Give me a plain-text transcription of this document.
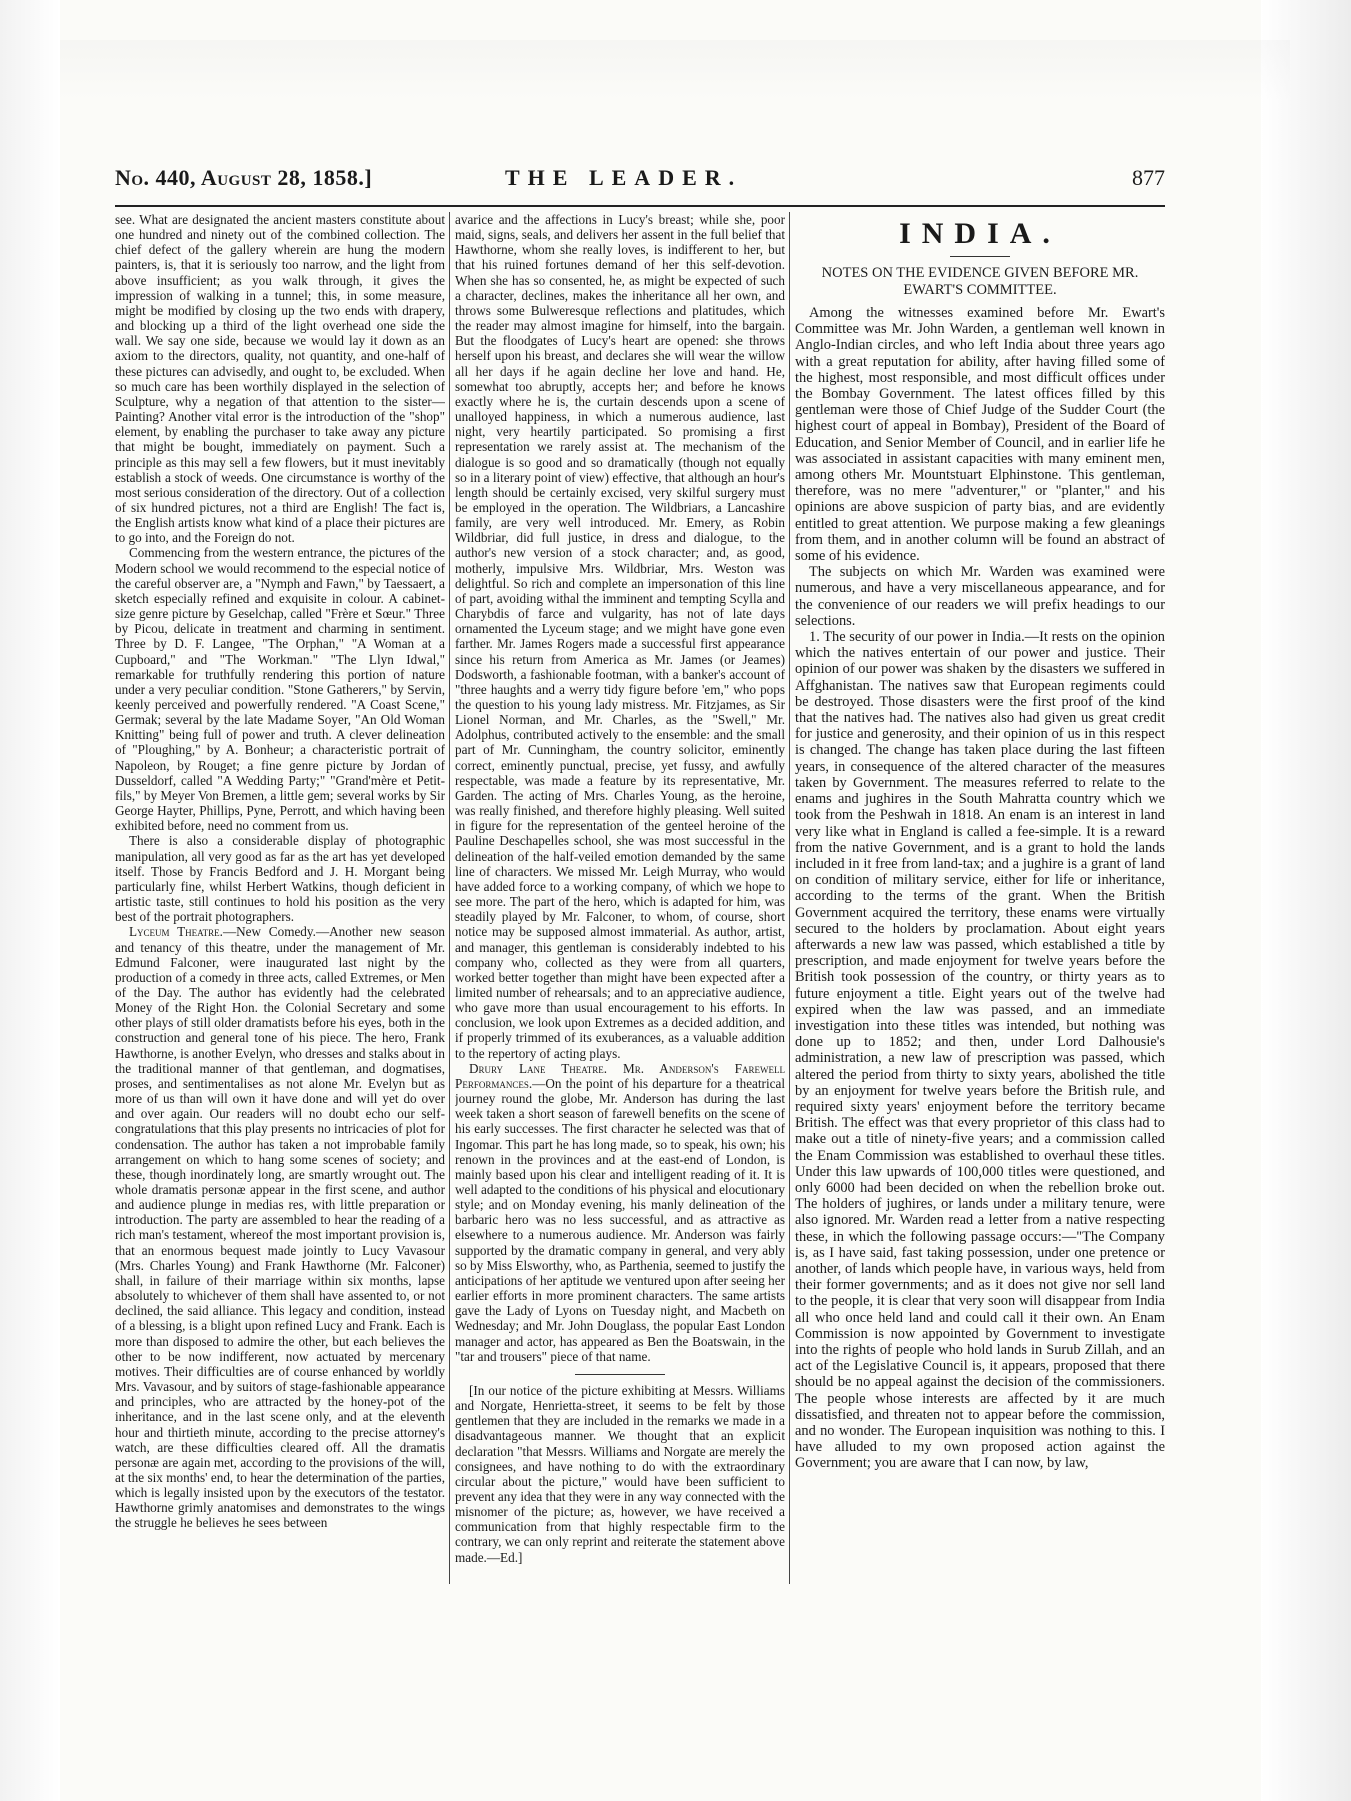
No. 440, August 28, 1858.]	THE LEADER.	877

see. What are designated the ancient masters constitute about one hundred and ninety out of the combined collection. The chief defect of the gallery wherein are hung the modern painters, is, that it is seriously too narrow, and the light from above insufficient; as you walk through, it gives the impression of walking in a tunnel; this, in some measure, might be modified by closing up the two ends with drapery, and blocking up a third of the light overhead one side the wall. We say one side, because we would lay it down as an axiom to the directors, quality, not quantity, and one-half of these pictures can advisedly, and ought to, be excluded. When so much care has been worthily displayed in the selection of Sculpture, why a negation of that attention to the sister—Painting? Another vital error is the introduction of the "shop" element, by enabling the purchaser to take away any picture that might be bought, immediately on payment. Such a principle as this may sell a few flowers, but it must inevitably establish a stock of weeds. One circumstance is worthy of the most serious consideration of the directory. Out of a collection of six hundred pictures, not a third are English! The fact is, the English artists know what kind of a place their pictures are to go into, and the Foreign do not.

Commencing from the western entrance, the pictures of the Modern school we would recommend to the especial notice of the careful observer are, a "Nymph and Fawn," by Taessaert, a sketch especially refined and exquisite in colour. A cabinet-size genre picture by Geselchap, called "Frère et Sœur." Three by Picou, delicate in treatment and charming in sentiment. Three by D. F. Langee, "The Orphan," "A Woman at a Cupboard," and "The Workman." "The Llyn Idwal," remarkable for truthfully rendering this portion of nature under a very peculiar condition. "Stone Gatherers," by Servin, keenly perceived and powerfully rendered. "A Coast Scene," Germak; several by the late Madame Soyer, "An Old Woman Knitting" being full of power and truth. A clever delineation of "Ploughing," by A. Bonheur; a characteristic portrait of Napoleon, by Rouget; a fine genre picture by Jordan of Dusseldorf, called "A Wedding Party;" "Grand'mère et Petit-fils," by Meyer Von Bremen, a little gem; several works by Sir George Hayter, Phillips, Pyne, Perrott, and which having been exhibited before, need no comment from us.

There is also a considerable display of photographic manipulation, all very good as far as the art has yet developed itself. Those by Francis Bedford and J. H. Morgant being particularly fine, whilst Herbert Watkins, though deficient in artistic taste, still continues to hold his position as the very best of the portrait photographers.

Lyceum Theatre.—New Comedy.—Another new season and tenancy of this theatre, under the management of Mr. Edmund Falconer, were inaugurated last night by the production of a comedy in three acts, called Extremes, or Men of the Day. The author has evidently had the celebrated Money of the Right Hon. the Colonial Secretary and some other plays of still older dramatists before his eyes, both in the construction and general tone of his piece. The hero, Frank Hawthorne, is another Evelyn, who dresses and stalks about in the traditional manner of that gentleman, and dogmatises, proses, and sentimentalises as not alone Mr. Evelyn but as more of us than will own it have done and will yet do over and over again. Our readers will no doubt echo our self-congratulations that this play presents no intricacies of plot for condensation. The author has taken a not improbable family arrangement on which to hang some scenes of society; and these, though inordinately long, are smartly wrought out. The whole dramatis personæ appear in the first scene, and author and audience plunge in medias res, with little preparation or introduction. The party are assembled to hear the reading of a rich man's testament, whereof the most important provision is, that an enormous bequest made jointly to Lucy Vavasour (Mrs. Charles Young) and Frank Hawthorne (Mr. Falconer) shall, in failure of their marriage within six months, lapse absolutely to whichever of them shall have assented to, or not declined, the said alliance. This legacy and condition, instead of a blessing, is a blight upon refined Lucy and Frank. Each is more than disposed to admire the other, but each believes the other to be now indifferent, now actuated by mercenary motives. Their difficulties are of course enhanced by worldly Mrs. Vavasour, and by suitors of stage-fashionable appearance and principles, who are attracted by the honey-pot of the inheritance, and in the last scene only, and at the eleventh hour and thirtieth minute, according to the precise attorney's watch, are these difficulties cleared off. All the dramatis personæ are again met, according to the provisions of the will, at the six months' end, to hear the determination of the parties, which is legally insisted upon by the executors of the testator. Hawthorne grimly anatomises and demonstrates to the wings the struggle he believes he sees between

avarice and the affections in Lucy's breast; while she, poor maid, signs, seals, and delivers her assent in the full belief that Hawthorne, whom she really loves, is indifferent to her, but that his ruined fortunes demand of her this self-devotion. When she has so consented, he, as might be expected of such a character, declines, makes the inheritance all her own, and throws some Bulweresque reflections and platitudes, which the reader may almost imagine for himself, into the bargain. But the floodgates of Lucy's heart are opened: she throws herself upon his breast, and declares she will wear the willow all her days if he again decline her love and hand. He, somewhat too abruptly, accepts her; and before he knows exactly where he is, the curtain descends upon a scene of unalloyed happiness, in which a numerous audience, last night, very heartily participated. So promising a first representation we rarely assist at. The mechanism of the dialogue is so good and so dramatically (though not equally so in a literary point of view) effective, that although an hour's length should be certainly excised, very skilful surgery must be employed in the operation. The Wildbriars, a Lancashire family, are very well introduced. Mr. Emery, as Robin Wildbriar, did full justice, in dress and dialogue, to the author's new version of a stock character; and, as good, motherly, impulsive Mrs. Wildbriar, Mrs. Weston was delightful. So rich and complete an impersonation of this line of part, avoiding withal the imminent and tempting Scylla and Charybdis of farce and vulgarity, has not of late days ornamented the Lyceum stage; and we might have gone even farther. Mr. James Rogers made a successful first appearance since his return from America as Mr. James (or Jeames) Dodsworth, a fashionable footman, with a banker's account of "three haughts and a werry tidy figure before 'em," who pops the question to his young lady mistress. Mr. Fitzjames, as Sir Lionel Norman, and Mr. Charles, as the "Swell," Mr. Adolphus, contributed actively to the ensemble: and the small part of Mr. Cunningham, the country solicitor, eminently correct, eminently punctual, precise, yet fussy, and awfully respectable, was made a feature by its representative, Mr. Garden. The acting of Mrs. Charles Young, as the heroine, was really finished, and therefore highly pleasing. Well suited in figure for the representation of the genteel heroine of the Pauline Deschapelles school, she was most successful in the delineation of the half-veiled emotion demanded by the same line of characters. We missed Mr. Leigh Murray, who would have added force to a working company, of which we hope to see more. The part of the hero, which is adapted for him, was steadily played by Mr. Falconer, to whom, of course, short notice may be supposed almost immaterial. As author, artist, and manager, this gentleman is considerably indebted to his company who, collected as they were from all quarters, worked better together than might have been expected after a limited number of rehearsals; and to an appreciative audience, who gave more than usual encouragement to his efforts. In conclusion, we look upon Extremes as a decided addition, and if properly trimmed of its exuberances, as a valuable addition to the repertory of acting plays.

Drury Lane Theatre. Mr. Anderson's Farewell Performances.—On the point of his departure for a theatrical journey round the globe, Mr. Anderson has during the last week taken a short season of farewell benefits on the scene of his early successes. The first character he selected was that of Ingomar. This part he has long made, so to speak, his own; his renown in the provinces and at the east-end of London, is mainly based upon his clear and intelligent reading of it. It is well adapted to the conditions of his physical and elocutionary style; and on Monday evening, his manly delineation of the barbaric hero was no less successful, and as attractive as elsewhere to a numerous audience. Mr. Anderson was fairly supported by the dramatic company in general, and very ably so by Miss Elsworthy, who, as Parthenia, seemed to justify the anticipations of her aptitude we ventured upon after seeing her earlier efforts in more prominent characters. The same artists gave the Lady of Lyons on Tuesday night, and Macbeth on Wednesday; and Mr. John Douglass, the popular East London manager and actor, has appeared as Ben the Boatswain, in the "tar and trousers" piece of that name.

[In our notice of the picture exhibiting at Messrs. Williams and Norgate, Henrietta-street, it seems to be felt by those gentlemen that they are included in the remarks we made in a disadvantageous manner. We thought that an explicit declaration "that Messrs. Williams and Norgate are merely the consignees, and have nothing to do with the extraordinary circular about the picture," would have been sufficient to prevent any idea that they were in any way connected with the misnomer of the picture; as, however, we have received a communication from that highly respectable firm to the contrary, we can only reprint and reiterate the statement above made.—Ed.]

INDIA.
NOTES ON THE EVIDENCE GIVEN BEFORE MR. EWART'S COMMITTEE.

Among the witnesses examined before Mr. Ewart's Committee was Mr. John Warden, a gentleman well known in Anglo-Indian circles, and who left India about three years ago with a great reputation for ability, after having filled some of the highest, most responsible, and most difficult offices under the Bombay Government. The latest offices filled by this gentleman were those of Chief Judge of the Sudder Court (the highest court of appeal in Bombay), President of the Board of Education, and Senior Member of Council, and in earlier life he was associated in assistant capacities with many eminent men, among others Mr. Mountstuart Elphinstone. This gentleman, therefore, was no mere "adventurer," or "planter," and his opinions are above suspicion of party bias, and are evidently entitled to great attention. We purpose making a few gleanings from them, and in another column will be found an abstract of some of his evidence.

The subjects on which Mr. Warden was examined were numerous, and have a very miscellaneous appearance, and for the convenience of our readers we will prefix headings to our selections.

1. The security of our power in India.—It rests on the opinion which the natives entertain of our power and justice. Their opinion of our power was shaken by the disasters we suffered in Affghanistan. The natives saw that European regiments could be destroyed. Those disasters were the first proof of the kind that the natives had. The natives also had given us great credit for justice and generosity, and their opinion of us in this respect is changed. The change has taken place during the last fifteen years, in consequence of the altered character of the measures taken by Government. The measures referred to relate to the enams and jughires in the South Mahratta country which we took from the Peshwah in 1818. An enam is an interest in land very like what in England is called a fee-simple. It is a reward from the native Government, and is a grant to hold the lands included in it free from land-tax; and a jughire is a grant of land on condition of military service, either for life or inheritance, according to the terms of the grant. When the British Government acquired the territory, these enams were virtually secured to the holders by proclamation. About eight years afterwards a new law was passed, which established a title by prescription, and made enjoyment for twelve years before the British took possession of the country, or thirty years as to future enjoyment a title. Eight years out of the twelve had expired when the law was passed, and an immediate investigation into these titles was intended, but nothing was done up to 1852; and then, under Lord Dalhousie's administration, a new law of prescription was passed, which altered the period from thirty to sixty years, abolished the title by an enjoyment for twelve years before the British rule, and required sixty years' enjoyment before the territory became British. The effect was that every proprietor of this class had to make out a title of ninety-five years; and a commission called the Enam Commission was established to overhaul these titles. Under this law upwards of 100,000 titles were questioned, and only 6000 had been decided on when the rebellion broke out. The holders of jughires, or lands under a military tenure, were also ignored. Mr. Warden read a letter from a native respecting these, in which the following passage occurs:—"The Company is, as I have said, fast taking possession, under one pretence or another, of lands which people have, in various ways, held from their former governments; and as it does not give nor sell land to the people, it is clear that very soon will disappear from India all who once held land and could call it their own. An Enam Commission is now appointed by Government to investigate into the rights of people who hold lands in Surub Zillah, and an act of the Legislative Council is, it appears, proposed that there should be no appeal against the decision of the commissioners. The people whose interests are affected by it are much dissatisfied, and threaten not to appear before the commission, and no wonder. The European inquisition was nothing to this. I have alluded to my own proposed action against the Government; you are aware that I can now, by law,
